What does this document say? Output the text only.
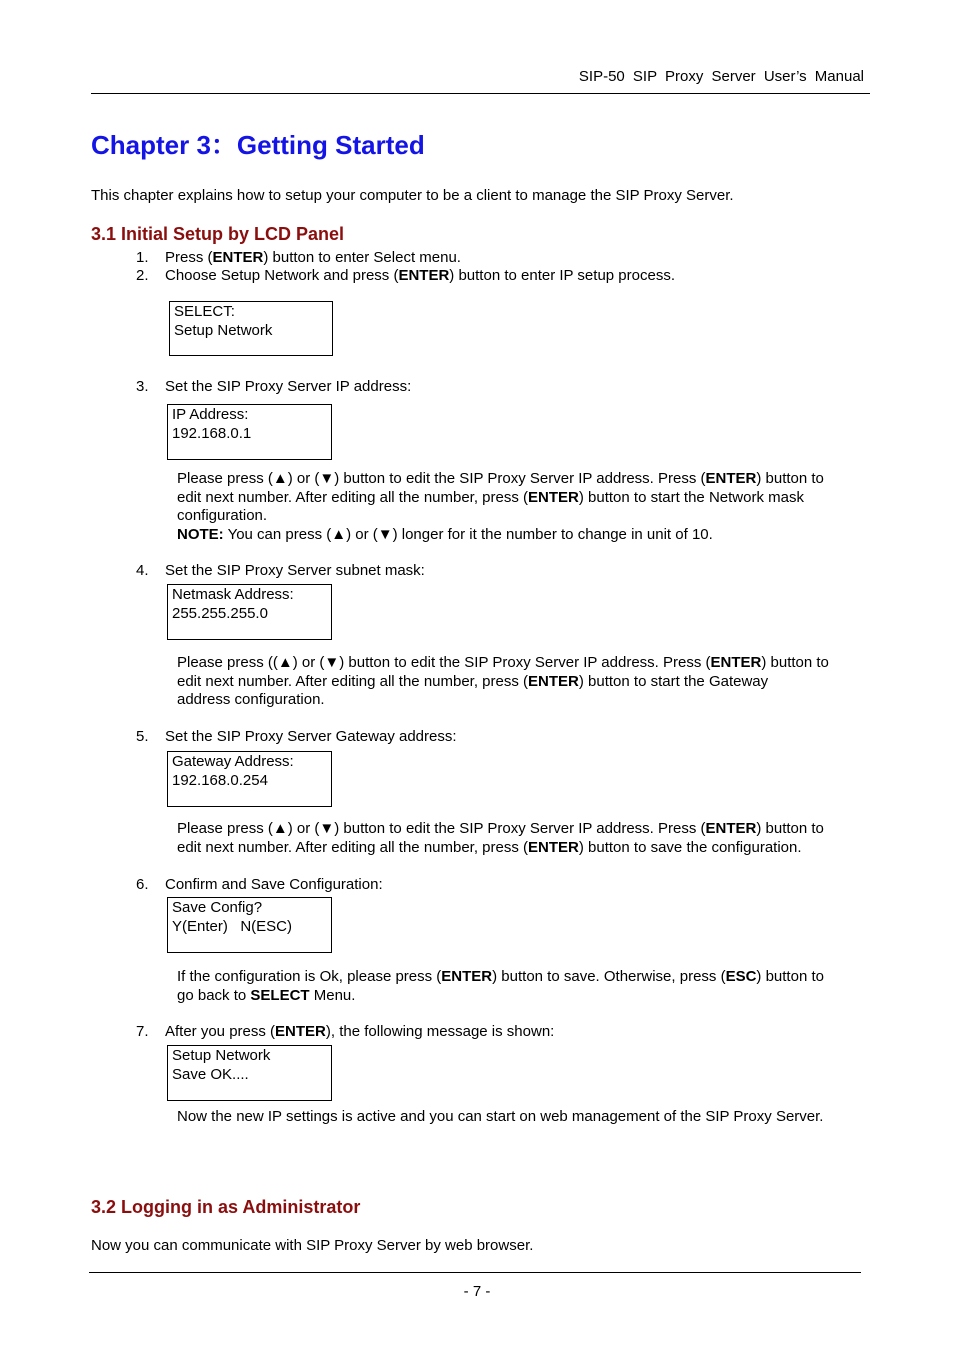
SIP-50 SIP Proxy Server User’s Manual
Chapter 3：Getting Started
This chapter explains how to setup your computer to be a client to manage the SIP Proxy Server.
3.1 Initial Setup by LCD Panel
1. Press (ENTER) button to enter Select menu.
2. Choose Setup Network and press (ENTER) button to enter IP setup process.
SELECT:
Setup Network
3. Set the SIP Proxy Server IP address:
IP Address:
192.168.0.1
Please press (▲) or (▼) button to edit the SIP Proxy Server IP address. Press (ENTER) button to
edit next number. After editing all the number, press (ENTER) button to start the Network mask
configuration.
NOTE: You can press (▲) or (▼) longer for it the number to change in unit of 10.
4. Set the SIP Proxy Server subnet mask:
Netmask Address:
255.255.255.0
Please press ((▲) or (▼) button to edit the SIP Proxy Server IP address. Press (ENTER) button to
edit next number. After editing all the number, press (ENTER) button to start the Gateway
address configuration.
5. Set the SIP Proxy Server Gateway address:
Gateway Address:
192.168.0.254
Please press (▲) or (▼) button to edit the SIP Proxy Server IP address. Press (ENTER) button to
edit next number. After editing all the number, press (ENTER) button to save the configuration.
6. Confirm and Save Configuration:
Save Config?
Y(Enter)   N(ESC)
If the configuration is Ok, please press (ENTER) button to save. Otherwise, press (ESC) button to
go back to SELECT Menu.
7. After you press (ENTER), the following message is shown:
Setup Network
Save OK....
Now the new IP settings is active and you can start on web management of the SIP Proxy Server.
3.2 Logging in as Administrator
Now you can communicate with SIP Proxy Server by web browser.
- 7 -
